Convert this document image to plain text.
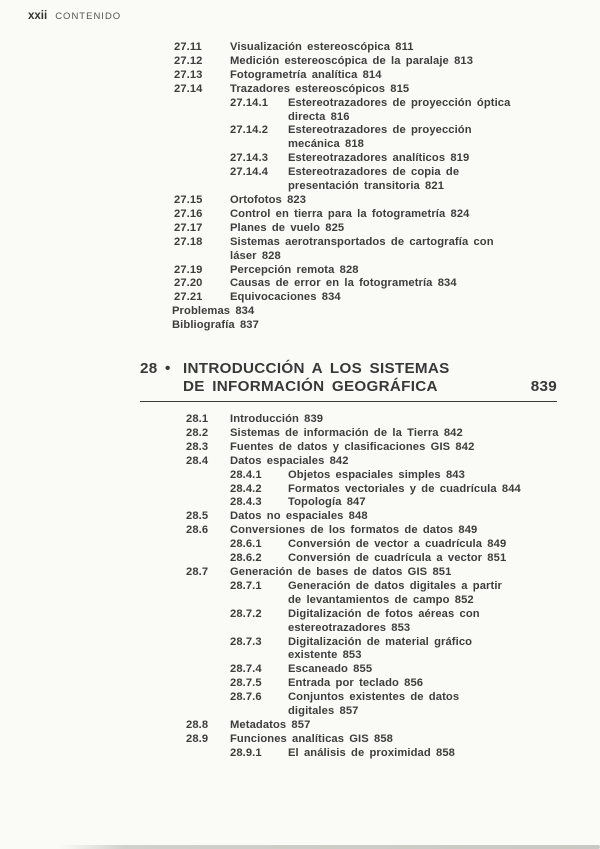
xxii CONTENIDO
27.11	Visualización estereoscópica 811
27.12	Medición estereoscópica de la paralaje 813
27.13	Fotogrametría analítica 814
27.14	Trazadores estereoscópicos 815
27.14.1	Estereotrazadores de proyección óptica
directa 816
27.14.2	Estereotrazadores de proyección
mecánica 818
27.14.3	Estereotrazadores analíticos 819
27.14.4	Estereotrazadores de copia de
presentación transitoria 821
27.15	Ortofotos 823
27.16	Control en tierra para la fotogrametría 824
27.17	Planes de vuelo 825
27.18	Sistemas aerotransportados de cartografía con
láser 828
27.19	Percepción remota 828
27.20	Causas de error en la fotogrametría 834
27.21	Equivocaciones 834
Problemas 834
Bibliografía 837
28 • INTRODUCCIÓN A LOS SISTEMAS
DE INFORMACIÓN GEOGRÁFICA	839
28.1	Introducción 839
28.2	Sistemas de información de la Tierra 842
28.3	Fuentes de datos y clasificaciones GIS 842
28.4	Datos espaciales 842
28.4.1	Objetos espaciales simples 843
28.4.2	Formatos vectoriales y de cuadrícula 844
28.4.3	Topología 847
28.5	Datos no espaciales 848
28.6	Conversiones de los formatos de datos 849
28.6.1	Conversión de vector a cuadrícula 849
28.6.2	Conversión de cuadrícula a vector 851
28.7	Generación de bases de datos GIS 851
28.7.1	Generación de datos digitales a partir
de levantamientos de campo 852
28.7.2	Digitalización de fotos aéreas con
estereotrazadores 853
28.7.3	Digitalización de material gráfico
existente 853
28.7.4	Escaneado 855
28.7.5	Entrada por teclado 856
28.7.6	Conjuntos existentes de datos
digitales 857
28.8	Metadatos 857
28.9	Funciones analíticas GIS 858
28.9.1	El análisis de proximidad 858
